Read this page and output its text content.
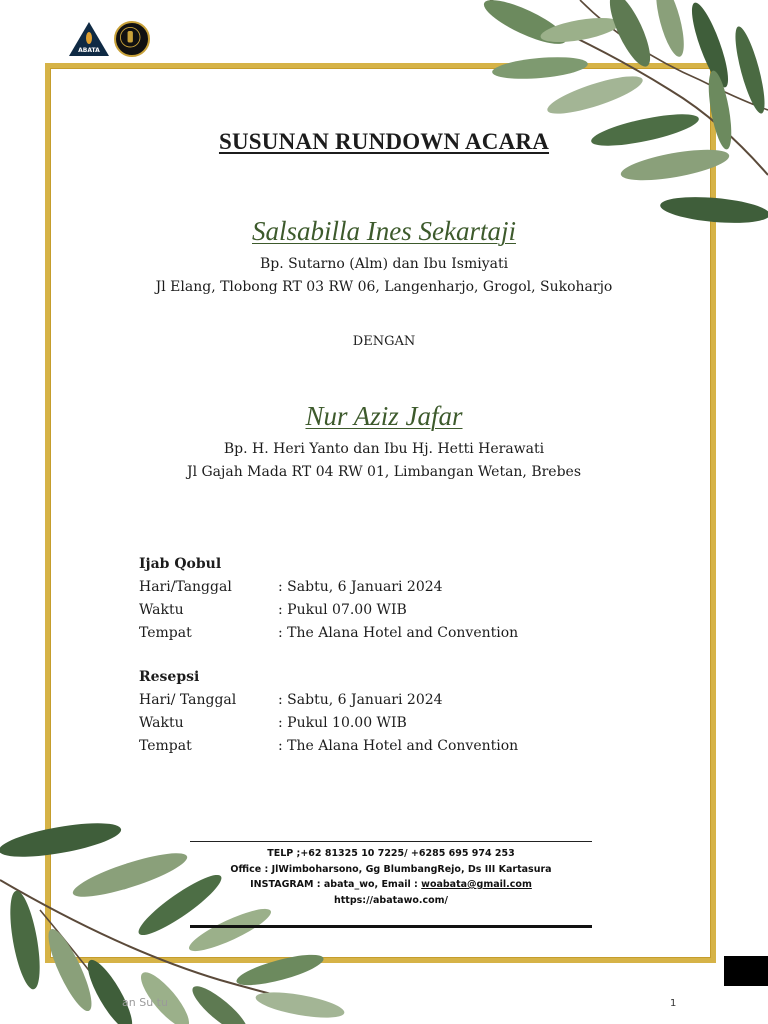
ABATA
SUSUNAN RUNDOWN ACARA
Salsabilla Ines Sekartaji
Bp. Sutarno (Alm) dan Ibu Ismiyati
Jl Elang, Tlobong RT 03 RW 06, Langenharjo, Grogol, Sukoharjo
DENGAN
Nur Aziz Jafar
Bp. H. Heri Yanto dan Ibu Hj. Hetti Herawati
Jl Gajah Mada RT 04 RW 01, Limbangan Wetan, Brebes
Ijab Qobul
Hari/Tanggal	: Sabtu, 6 Januari 2024
Waktu	: Pukul 07.00 WIB
Tempat	: The Alana Hotel and Convention
Resepsi
Hari/ Tanggal	: Sabtu, 6 Januari 2024
Waktu	: Pukul 10.00 WIB
Tempat	: The Alana Hotel and Convention
TELP ;+62 81325 10 7225/ +6285 695 974 253
Office : JlWimboharsono, Gg BlumbangRejo, Ds III Kartasura
INSTAGRAM : abata_wo, Email : woabata@gmail.com
https://abatawo.com/
an Su tu	1
